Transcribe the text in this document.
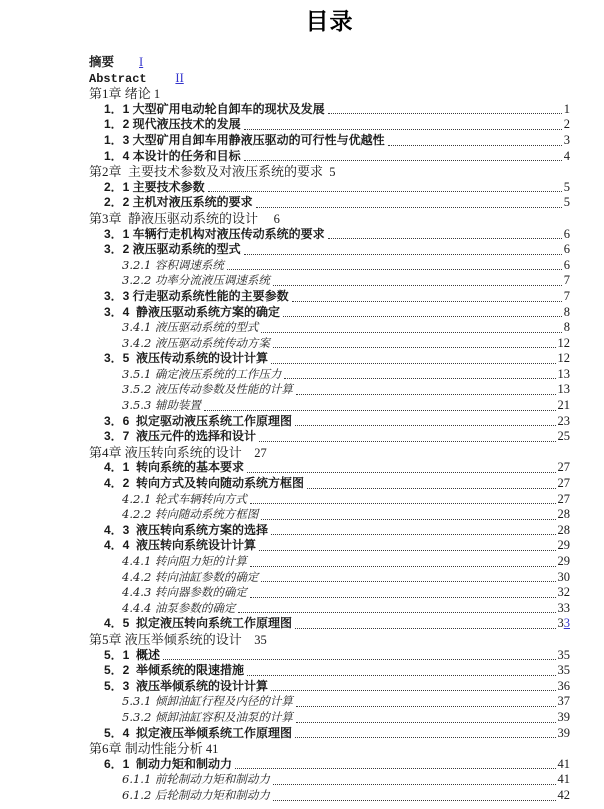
目录
摘要 I
Abstract II
第1章 绪论 1
1．1 大型矿用电动轮自卸车的现状及发展	1
1．2 现代液压技术的发展	2
1．3 大型矿用自卸车用静液压驱动的可行性与优越性	3
1．4 本设计的任务和目标	4
第2章  主要技术参数及对液压系统的要求 5
2．1 主要技术参数	5
2．2 主机对液压系统的要求	5
第3章  静液压驱动系统的设计 6
3．1 车辆行走机构对液压传动系统的要求	6
3．2 液压驱动系统的型式	6
3.2.1 容积调速系统	6
3.2.2 功率分流液压调速系统	7
3．3 行走驱动系统性能的主要参数	7
3．4  静液压驱动系统方案的确定	8
3.4.1 液压驱动系统的型式	8
3.4.2 液压驱动系统传动方案	12
3．5  液压传动系统的设计计算	12
3.5.1 确定液压系统的工作压力	13
3.5.2 液压传动参数及性能的计算	13
3.5.3 辅助装置	21
3．6  拟定驱动液压系统工作原理图	23
3．7  液压元件的选择和设计	25
第4章 液压转向系统的设计 27
4．1  转向系统的基本要求	27
4．2  转向方式及转向随动系统方框图	27
4.2.1 轮式车辆转向方式	27
4.2.2 转向随动系统方框图	28
4．3  液压转向系统方案的选择	28
4．4  液压转向系统设计计算	29
4.4.1 转向阻力矩的计算	29
4.4.2 转向油缸参数的确定	30
4.4.3 转向器参数的确定	32
4.4.4 油泵参数的确定	33
4．5  拟定液压转向系统工作原理图	3 3
第5章 液压举倾系统的设计 35
5．1  概述	35
5．2  举倾系统的限速措施	35
5．3  液压举倾系统的设计计算	36
5.3.1 倾卸油缸行程及内径的计算	37
5.3.2 倾卸油缸容积及油泵的计算	39
5．4  拟定液压举倾系统工作原理图	39
第6章 制动性能分析 41
6．1  制动力矩和制动力	41
6.1.1 前轮制动力矩和制动力	41
6.1.2 后轮制动力矩和制动力	42
